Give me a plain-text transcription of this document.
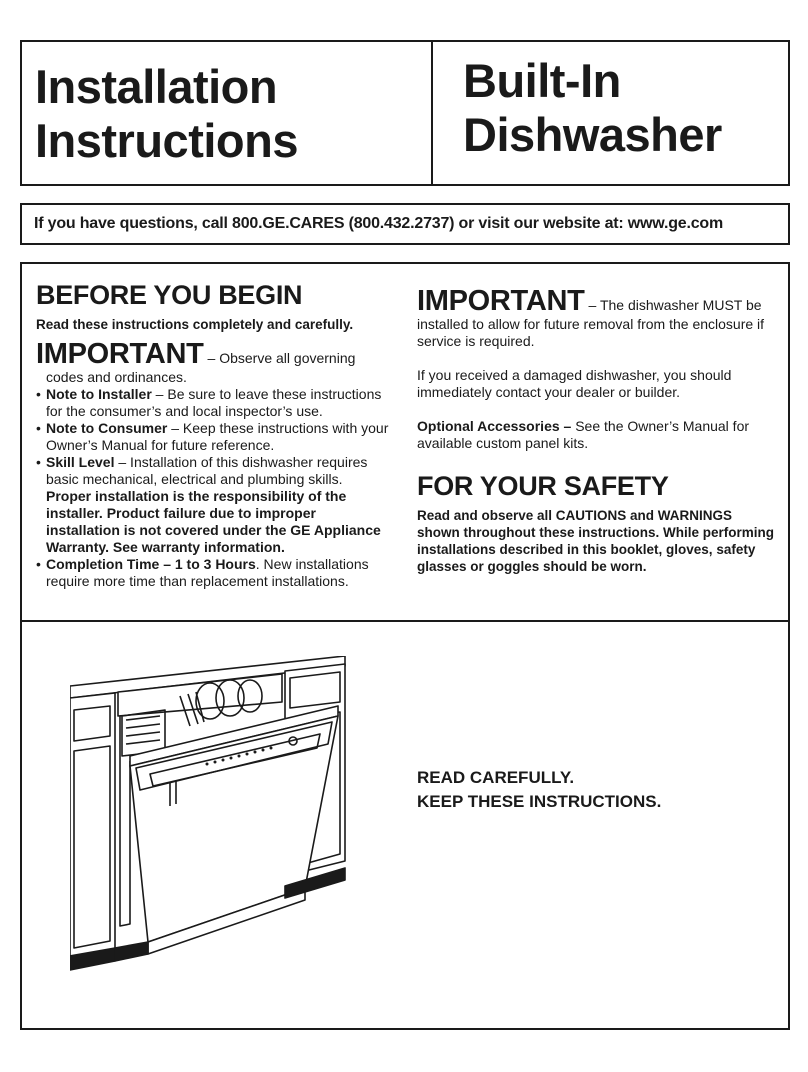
Installation
Instructions
Built-In
Dishwasher
If you have questions, call 800.GE.CARES (800.432.2737) or visit our website at: www.ge.com
BEFORE YOU BEGIN

Read these instructions completely and carefully.

IMPORTANT – Observe all governing

codes and ordinances.

• Note to Installer – Be sure to leave these instructions for the consumer’s and local inspector’s use.
• Note to Consumer – Keep these instructions with your Owner’s Manual for future reference.
• Skill Level – Installation of this dishwasher requires basic mechanical, electrical and plumbing skills.
Proper installation is the responsibility of the installer. Product failure due to improper installation is not covered under the GE Appliance Warranty. See warranty information.
• Completion Time – 1 to 3 Hours. New installations require more time than replacement installations.
IMPORTANT – The dishwasher MUST be

installed to allow for future removal from the enclosure if service is required.

If you received a damaged dishwasher, you should immediately contact your dealer or builder.

Optional Accessories – See the Owner’s Manual for available custom panel kits.

FOR YOUR SAFETY

Read and observe all CAUTIONS and WARNINGS shown throughout these instructions. While performing installations described in this booklet, gloves, safety glasses or goggles should be worn.

READ CAREFULLY.
KEEP THESE INSTRUCTIONS.
